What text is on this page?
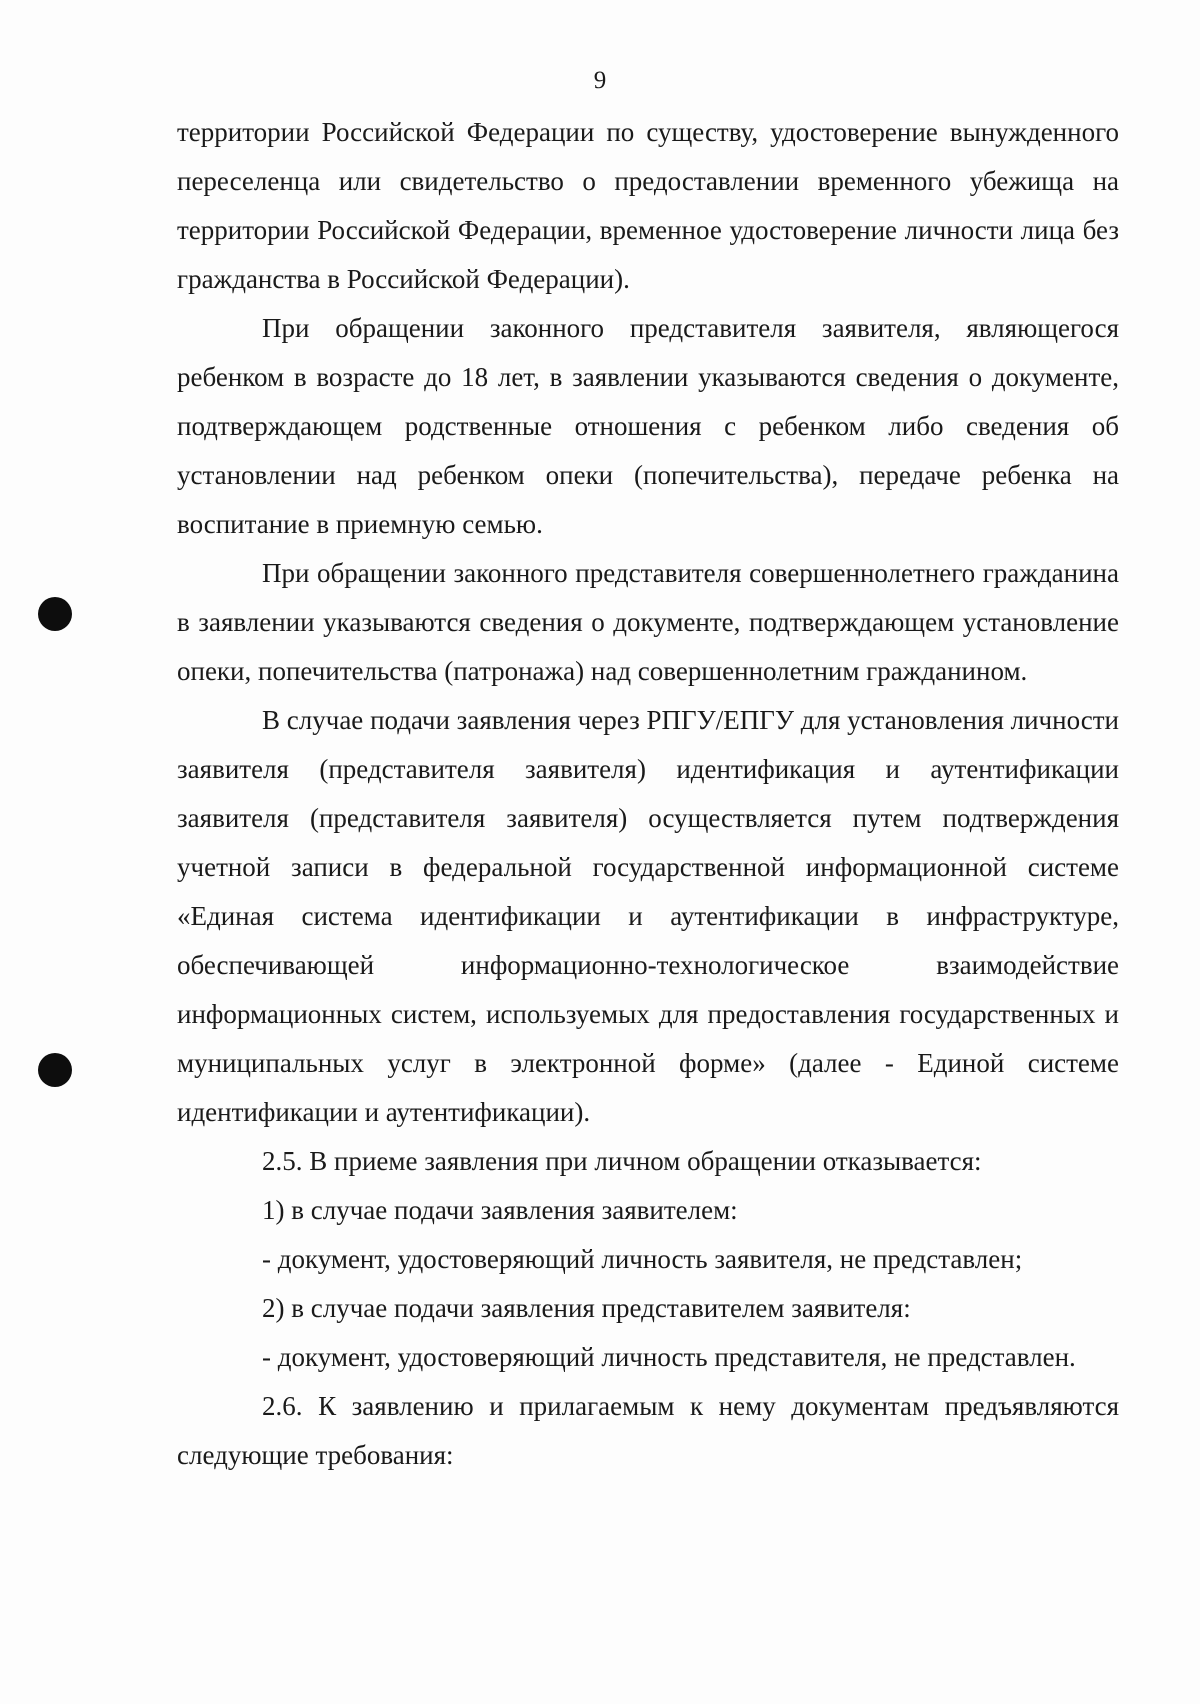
9

территории Российской Федерации по существу, удостоверение вынужденного переселенца или свидетельство о предоставлении временного убежища на территории Российской Федерации, временное удостоверение личности лица без гражданства в Российской Федерации).

При обращении законного представителя заявителя, являющегося ребенком в возрасте до 18 лет, в заявлении указываются сведения о документе, подтверждающем родственные отношения с ребенком либо сведения об установлении над ребенком опеки (попечительства), передаче ребенка на воспитание в приемную семью.

При обращении законного представителя совершеннолетнего гражданина в заявлении указываются сведения о документе, подтверждающем установление опеки, попечительства (патронажа) над совершеннолетним гражданином.

В случае подачи заявления через РПГУ/ЕПГУ для установления личности заявителя (представителя заявителя) идентификация и аутентификации заявителя (представителя заявителя) осуществляется путем подтверждения учетной записи в федеральной государственной информационной системе «Единая система идентификации и аутентификации в инфраструктуре, обеспечивающей информационно-технологическое взаимодействие информационных систем, используемых для предоставления государственных и муниципальных услуг в электронной форме» (далее - Единой системе идентификации и аутентификации).

2.5. В приеме заявления при личном обращении отказывается:

1) в случае подачи заявления заявителем:

- документ, удостоверяющий личность заявителя, не представлен;

2) в случае подачи заявления представителем заявителя:

- документ, удостоверяющий личность представителя, не представлен.

2.6. К заявлению и прилагаемым к нему документам предъявляются следующие требования:
